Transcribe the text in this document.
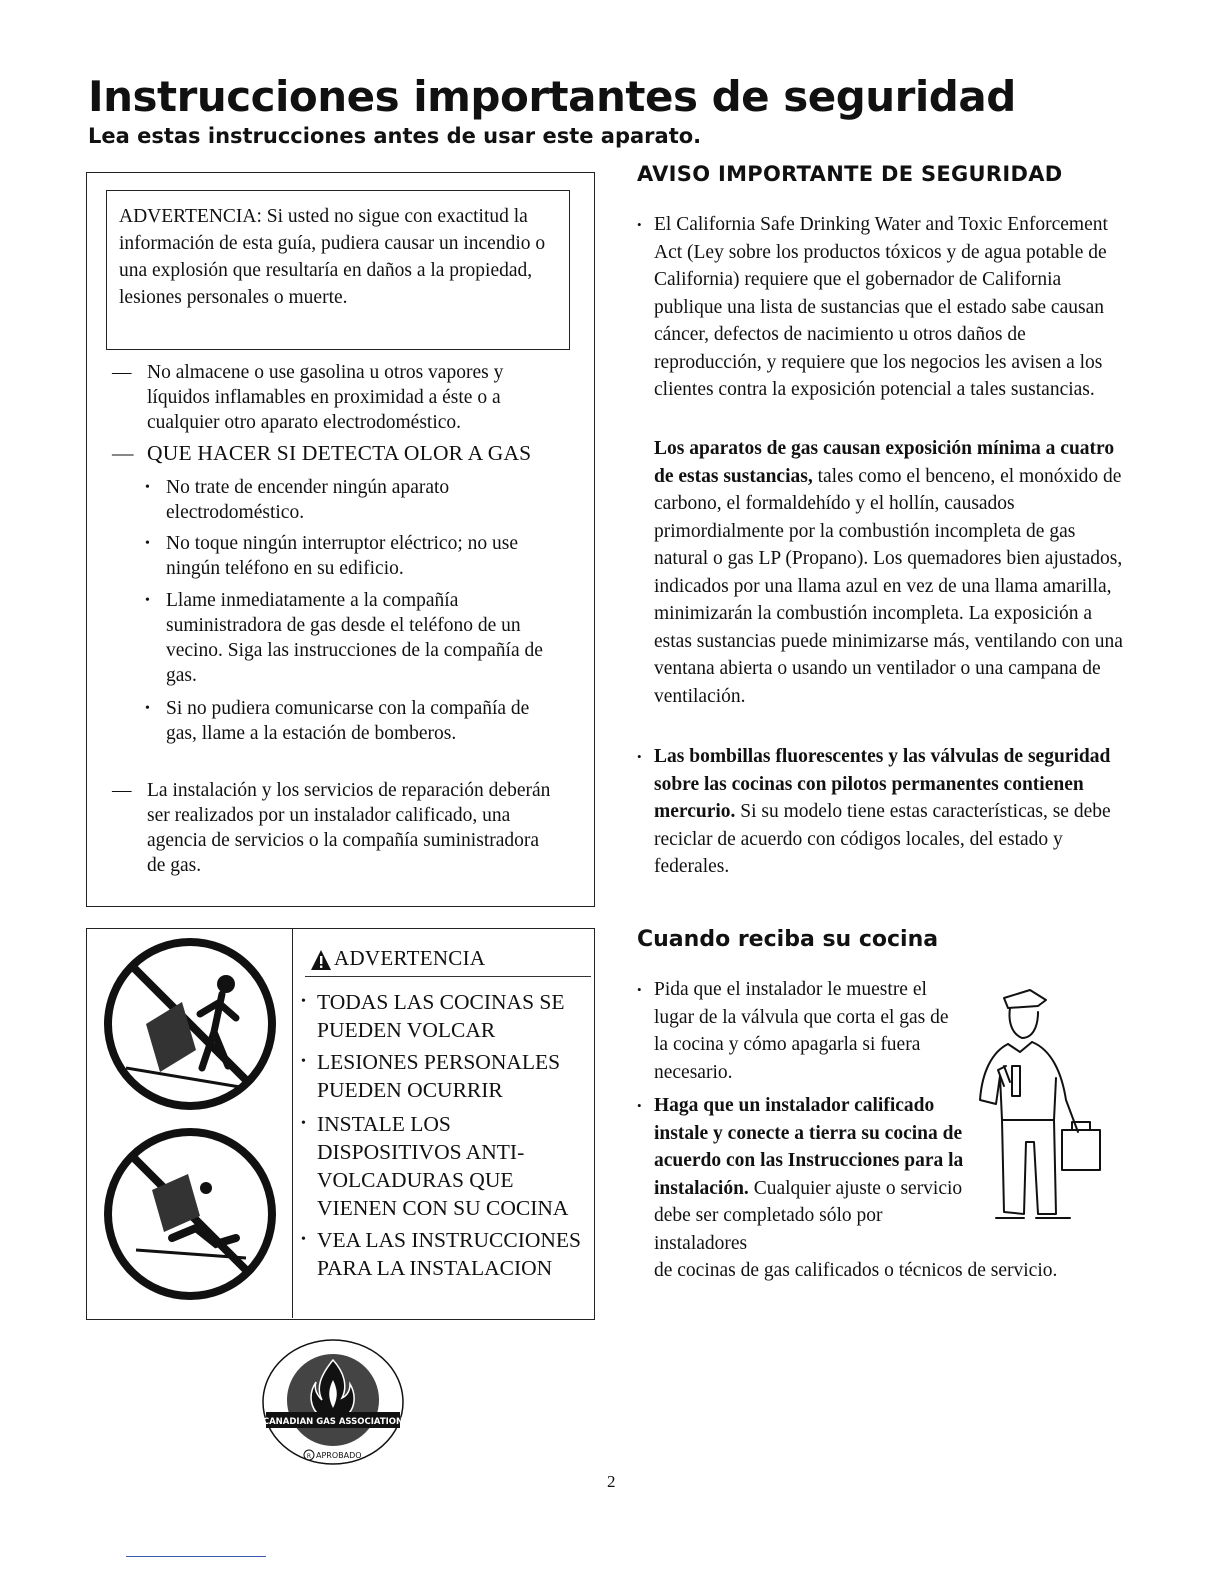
Instrucciones importantes de seguridad
Lea estas instrucciones antes de usar este aparato.
ADVERTENCIA: Si usted no sigue con exactitud la información de esta guía, pudiera causar un incendio o una explosión que resultaría en daños a la propiedad, lesiones personales o muerte.
— No almacene o use gasolina u otros vapores y líquidos inflamables en proximidad a éste o a cualquier otro aparato electrodoméstico.
— QUE HACER SI DETECTA OLOR A GAS
• No trate de encender ningún aparato electrodoméstico.
• No toque ningún interruptor eléctrico; no use ningún teléfono en su edificio.
• Llame inmediatamente a la compañía suministradora de gas desde el teléfono de un vecino. Siga las instrucciones de la compañía de gas.
• Si no pudiera comunicarse con la compañía de gas, llame a la estación de bomberos.
— La instalación y los servicios de reparación deberán ser realizados por un instalador calificado, una agencia de servicios o la compañía suministradora de gas.
ADVERTENCIA
• TODAS LAS COCINAS SE PUEDEN VOLCAR
• LESIONES PERSONALES PUEDEN OCURRIR
• INSTALE LOS DISPOSITIVOS ANTI-VOLCADURAS QUE VIENEN CON SU COCINA
• VEA LAS INSTRUCCIONES PARA LA INSTALACION
CANADIAN GAS ASSOCIATION
R APROBADO
AVISO IMPORTANTE DE SEGURIDAD
• El California Safe Drinking Water and Toxic Enforcement Act (Ley sobre los productos tóxicos y de agua potable de California) requiere que el gobernador de California publique una lista de sustancias que el estado sabe causan cáncer, defectos de nacimiento u otros daños de reproducción, y requiere que los negocios les avisen a los clientes contra la exposición potencial a tales sustancias.
Los aparatos de gas causan exposición mínima a cuatro de estas sustancias, tales como el benceno, el monóxido de carbono, el formaldehído y el hollín, causados primordialmente por la combustión incompleta de gas natural o gas LP (Propano). Los quemadores bien ajustados, indicados por una llama azul en vez de una llama amarilla, minimizarán la combustión incompleta. La exposición a estas sustancias puede minimizarse más, ventilando con una ventana abierta o usando un ventilador o una campana de ventilación.
• Las bombillas fluorescentes y las válvulas de seguridad sobre las cocinas con pilotos permanentes contienen mercurio. Si su modelo tiene estas características, se debe reciclar de acuerdo con códigos locales, del estado y federales.
Cuando reciba su cocina
• Pida que el instalador le muestre el lugar de la válvula que corta el gas de la cocina y cómo apagarla si fuera necesario.
• Haga que un instalador calificado instale y conecte a tierra su cocina de acuerdo con las Instrucciones para la instalación. Cualquier ajuste o servicio debe ser completado sólo por instaladores
de cocinas de gas calificados o técnicos de servicio.
2
